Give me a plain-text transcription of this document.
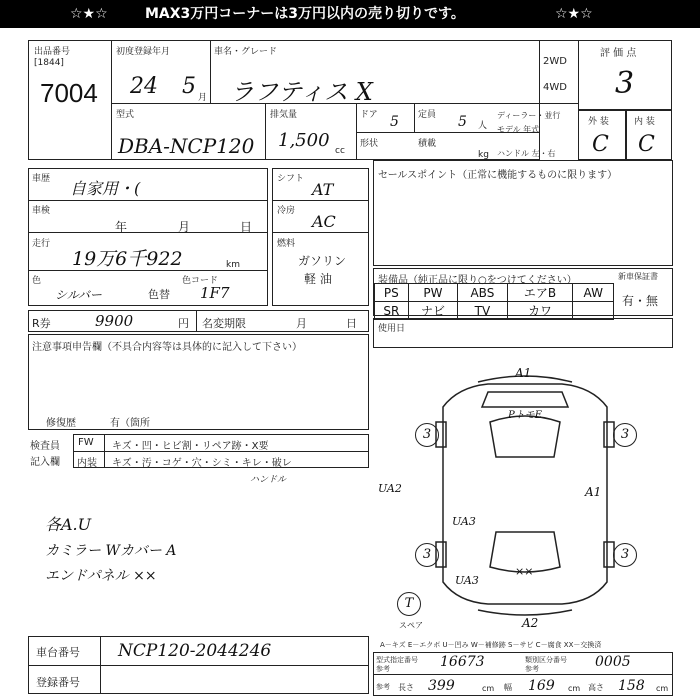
☆★☆	MAX3万円コーナーは3万円以内の売り切りです。	☆★☆
出品番号
[1844]
7004
初度登録年月
24 5 月
車名・グレード
ラフティス X
2WD
4WD
評 価 点
3
外 装	内 装
C C
型式
DBA-NCP120
排気量
1,500 cc
ドア 5 定員 5 人
形状	積載
kg
ディーラー・並行
モデル 年式
ハンドル 左・右
車歴 自家用・(
車検
年	月	日
走行
19万6千922	km
色
シルバー	色替
色コード
1F7
シフト
AT
冷房
AC
燃料
ガソリン
軽 油
R券	9900	円 名変期限	月	日
セールスポイント（正常に機能するものに限ります）
装備品（純正品に限り○をつけてください）
PS	PW	ABS	エアB	AW
SR	ナビ	TV	カワ	
新車保証書
有・無
使用日
注意事項申告欄（不具合内容等は具体的に記入して下さい）
修復歴	有（箇所
検査員
記入欄
FW キズ・凹・ヒビ割・リペア跡・X要
内装 キズ・汚・コゲ・穴・シミ・キレ・破レ
ハンドル
各A.U
カミラー Wカバー A
エンドパネル ××
A1
PトモE
A1
UA2
UA3
UA3
××
A2
3	3
3	3
T
スペア
A－キズ E－エクボ U－凹み W－補修跡 S－サビ C－腐食 XX－交換済
車台番号 NCP120-2044246
登録番号
型式指定番号
参考	16673	類別区分番号
参考	0005
参考 長さ 399	cm 幅 169 cm 高さ 158 cm
